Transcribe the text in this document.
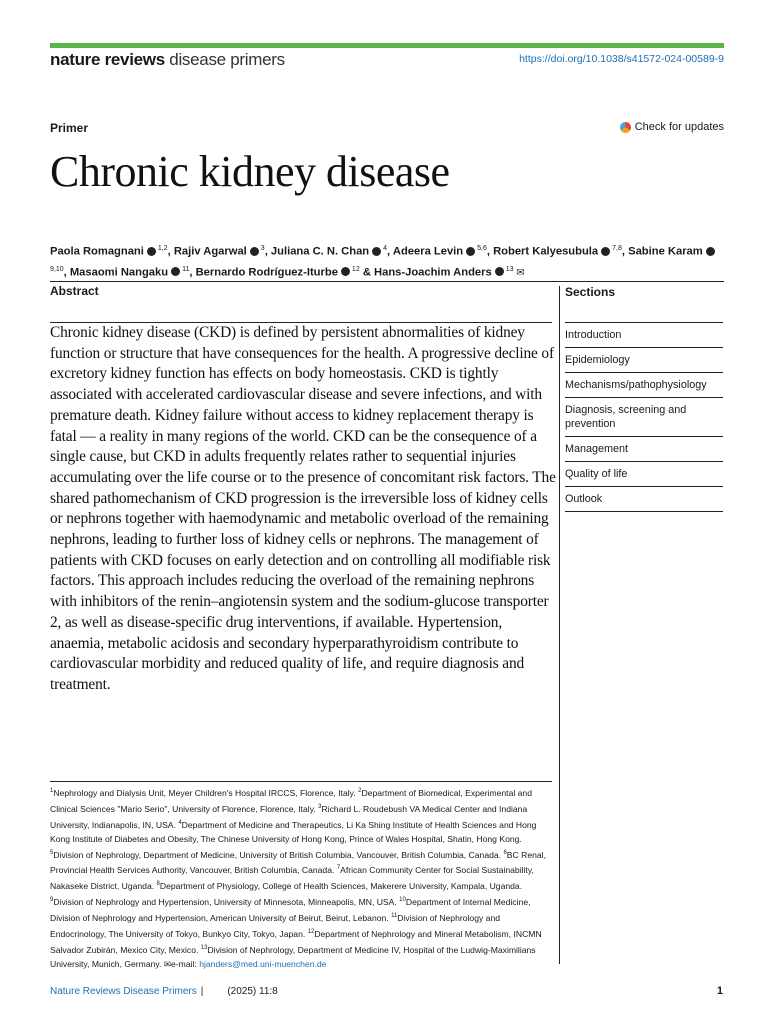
nature reviews disease primers	https://doi.org/10.1038/s41572-024-00589-9
Primer	Check for updates
Chronic kidney disease
Paola Romagnani $^{1,2}$, Rajiv Agarwal $^3$, Juliana C. N. Chan $^4$, Adeera Levin $^{5,6}$, Robert Kalyesubula $^{7,8}$, Sabine Karam$^{9,10}$, Masaomi Nangaku $^{11}$, Bernardo Rodríguez-Iturbe $^{12}$ & Hans-Joachim Anders $^{13}$ ✉
Abstract	Sections

Chronic kidney disease (CKD) is defined by persistent abnormalities of kidney function or structure that have consequences for the health. A progressive decline of excretory kidney function has effects on body homeostasis. CKD is tightly associated with accelerated cardiovascular disease and severe infections, and with premature death. Kidney failure without access to kidney replacement therapy is fatal — a reality in many regions of the world. CKD can be the consequence of a single cause, but CKD in adults frequently relates rather to sequential injuries accumulating over the life course or to the presence of concomitant risk factors. The shared pathomechanism of CKD progression is the irreversible loss of kidney cells or nephrons together with haemodynamic and metabolic overload of the remaining nephrons, leading to further loss of kidney cells or nephrons. The management of patients with CKD focuses on early detection and on controlling all modifiable risk factors. This approach includes reducing the overload of the remaining nephrons with inhibitors of the renin–angiotensin system and the sodium-glucose transporter 2, as well as disease-specific drug interventions, if available. Hypertension, anaemia, metabolic acidosis and secondary hyperparathyroidism contribute to cardiovascular morbidity and reduced quality of life, and require diagnosis and treatment.

Introduction
Epidemiology
Mechanisms/pathophysiology
Diagnosis, screening and prevention
Management
Quality of life
Outlook

$^1$Nephrology and Dialysis Unit, Meyer Children's Hospital IRCCS, Florence, Italy. $^2$Department of Biomedical, Experimental and Clinical Sciences "Mario Serio", University of Florence, Florence, Italy. $^3$Richard L. Roudebush VA Medical Center and Indiana University, Indianapolis, IN, USA. $^4$Department of Medicine and Therapeutics, Li Ka Shing Institute of Health Sciences and Hong Kong Institute of Diabetes and Obesity, The Chinese University of Hong Kong, Prince of Wales Hospital, Shatin, Hong Kong. $^5$Division of Nephrology, Department of Medicine, University of British Columbia, Vancouver, British Columbia, Canada. $^6$BC Renal, Provincial Health Services Authority, Vancouver, British Columbia, Canada. $^7$African Community Center for Social Sustainability, Nakaseke District, Uganda. $^8$Department of Physiology, College of Health Sciences, Makerere University, Kampala, Uganda. $^9$Division of Nephrology and Hypertension, University of Minnesota, Minneapolis, MN, USA. $^{10}$Department of Internal Medicine, Division of Nephrology and Hypertension, American University of Beirut, Beirut, Lebanon. $^{11}$Division of Nephrology and Endocrinology, The University of Tokyo, Bunkyo City, Tokyo, Japan. $^{12}$Department of Nephrology and Mineral Metabolism, INCMN Salvador Zubirán, Mexico City, Mexico. $^{13}$Division of Nephrology, Department of Medicine IV, Hospital of the Ludwig-Maximilians University, Munich, Germany. ✉e-mail: hjanders@med.uni-muenchen.de

Nature Reviews Disease Primers | (2025) 11:8	1
